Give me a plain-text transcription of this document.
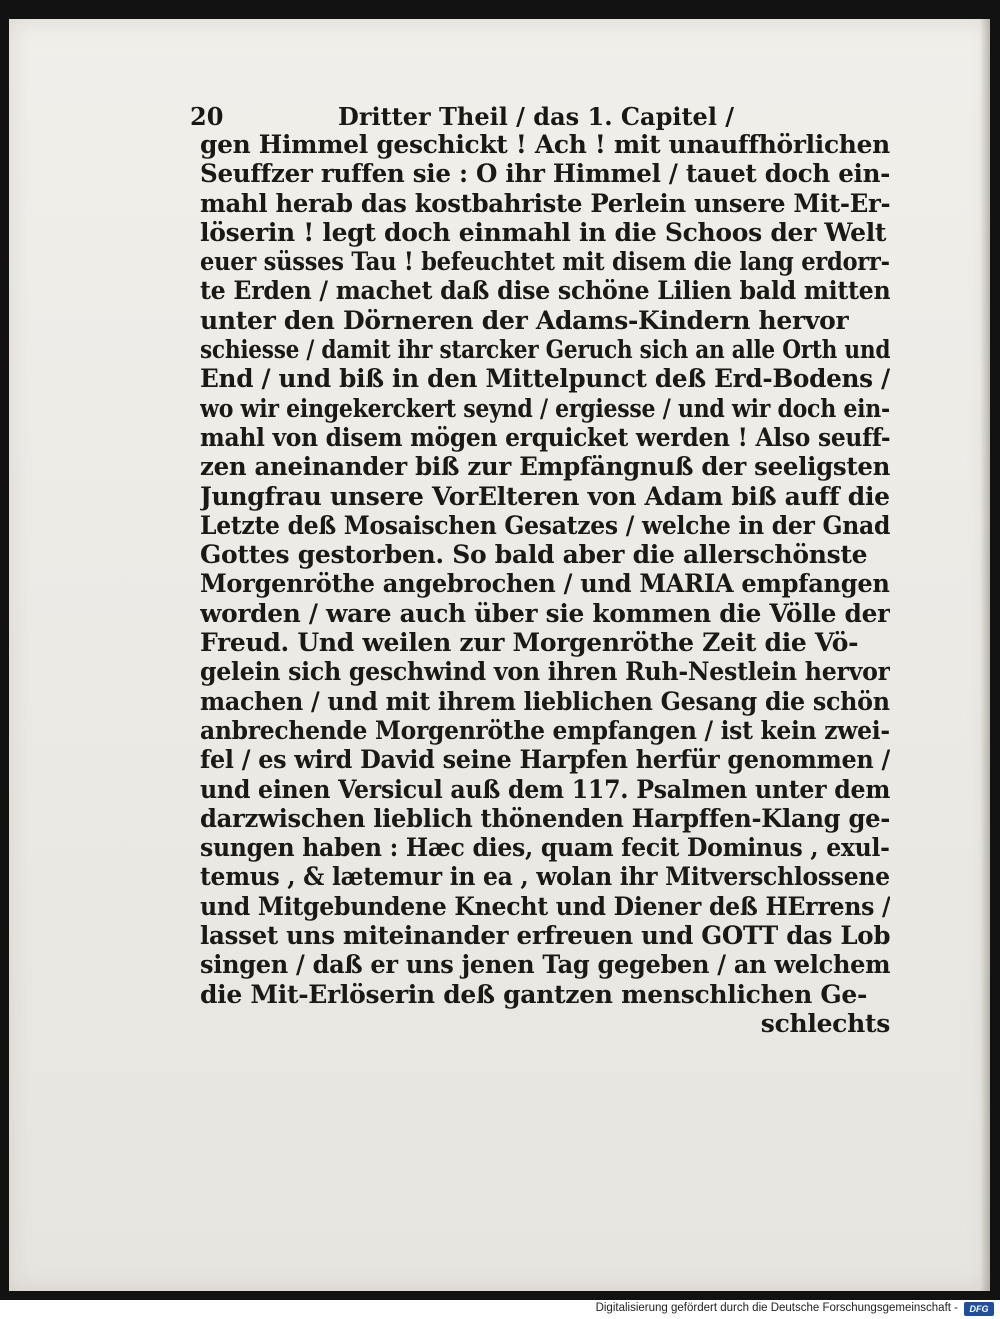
20	Dritter Theil / das 1. Capitel /
gen Himmel geschickt ! Ach ! mit unauffhörlichen
Seuffzer ruffen sie : O ihr Himmel / tauet doch ein-
mahl herab das kostbahriste Perlein unsere Mit-Er-
löserin ! legt doch einmahl in die Schoos der Welt
euer süsses Tau ! befeuchtet mit disem die lang erdorr-
te Erden / machet daß dise schöne Lilien bald mitten
unter den Dörneren der Adams-Kindern hervor
schiesse / damit ihr starcker Geruch sich an alle Orth und
End / und biß in den Mittelpunct deß Erd-Bodens /
wo wir eingekerckert seynd / ergiesse / und wir doch ein-
mahl von disem mögen erquicket werden ! Also seuff-
zen aneinander biß zur Empfängnuß der seeligsten
Jungfrau unsere VorElteren von Adam biß auff die
Letzte deß Mosaischen Gesatzes / welche in der Gnad
Gottes gestorben. So bald aber die allerschönste
Morgenröthe angebrochen / und MARIA empfangen
worden / ware auch über sie kommen die Völle der
Freud. Und weilen zur Morgenröthe Zeit die Vö-
gelein sich geschwind von ihren Ruh-Nestlein hervor
machen / und mit ihrem lieblichen Gesang die schön
anbrechende Morgenröthe empfangen / ist kein zwei-
fel / es wird David seine Harpfen herfür genommen /
und einen Versicul auß dem 117. Psalmen unter dem
darzwischen lieblich thönenden Harpffen-Klang ge-
sungen haben : Hæc dies, quam fecit Dominus , exul-
temus , & lætemur in ea , wolan ihr Mitverschlossene
und Mitgebundene Knecht und Diener deß HErrens /
lasset uns miteinander erfreuen und GOTT das Lob
singen / daß er uns jenen Tag gegeben / an welchem
die Mit-Erlöserin deß gantzen menschlichen Ge-
schlechts
Digitalisierung gefördert durch die Deutsche Forschungsgemeinschaft -	DFG
